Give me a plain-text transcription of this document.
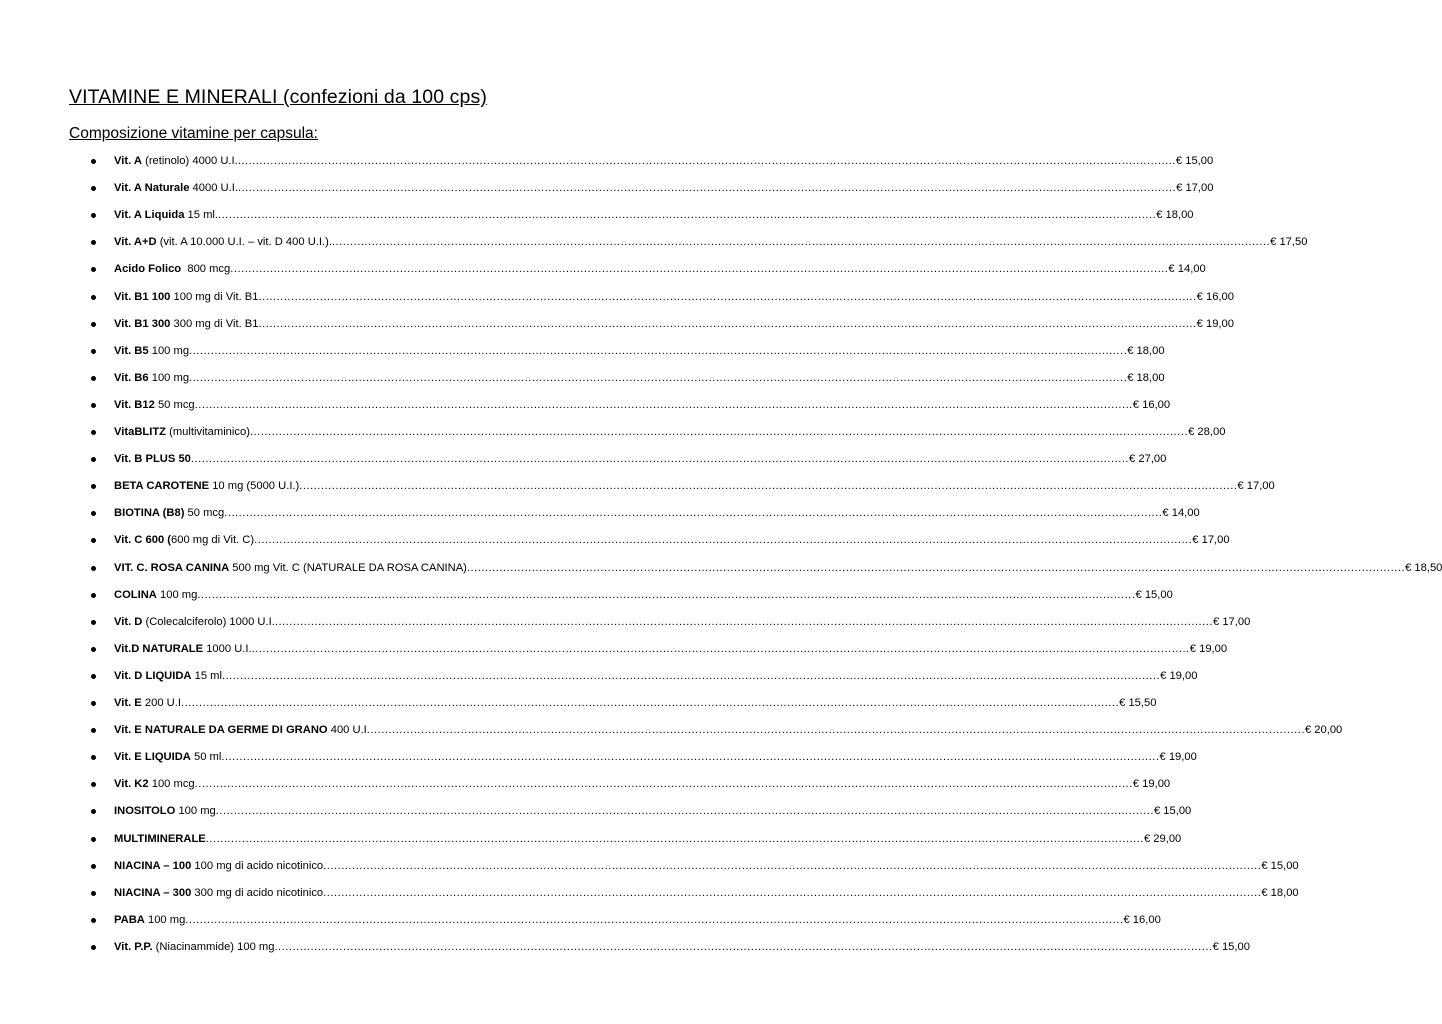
VITAMINE E MINERALI (confezioni da 100 cps)
Composizione vitamine per capsula:
Vit. A (retinolo) 4000 U.I. .................................................................................................................................................................................................................................................................... € 15,00
Vit. A Naturale 4000 U.I. .................................................................................................................................................................................................................................................................... € 17,00
Vit. A Liquida 15 ml. .................................................................................................................................................................................................................................................................... € 18,00
Vit. A+D (vit. A 10.000 U.I. – vit. D 400 U.I.). .................................................................................................................................................................................................................................................................... € 17,50
Acido Folico 800 mcg .................................................................................................................................................................................................................................................................... € 14,00
Vit. B1 100 100 mg di Vit. B1 .................................................................................................................................................................................................................................................................... € 16,00
Vit. B1 300 300 mg di Vit. B1 .................................................................................................................................................................................................................................................................... € 19,00
Vit. B5 100 mg .................................................................................................................................................................................................................................................................... € 18,00
Vit. B6 100 mg .................................................................................................................................................................................................................................................................... € 18,00
Vit. B12 50 mcg .................................................................................................................................................................................................................................................................... € 16,00
VitaBLITZ (multivitaminico) .................................................................................................................................................................................................................................................................... € 28,00
Vit. B PLUS 50 .................................................................................................................................................................................................................................................................... € 27,00
BETA CAROTENE 10 mg (5000 U.I.) .................................................................................................................................................................................................................................................................... € 17,00
BIOTINA (B8) 50 mcg .................................................................................................................................................................................................................................................................... € 14,00
Vit. C 600 ( 600 mg di Vit. C) .................................................................................................................................................................................................................................................................... € 17,00
VIT. C. ROSA CANINA 500 mg Vit. C (NATURALE DA ROSA CANINA) .................................................................................................................................................................................................................................................................... € 18,50
COLINA 100 mg .................................................................................................................................................................................................................................................................... € 15,00
Vit. D (Colecalciferolo) 1000 U.I. .................................................................................................................................................................................................................................................................... € 17,00
Vit.D NATURALE 1000 U.I. .................................................................................................................................................................................................................................................................... € 19,00
Vit. D LIQUIDA 15 ml .................................................................................................................................................................................................................................................................... € 19,00
Vit. E 200 U.I .................................................................................................................................................................................................................................................................... € 15,50
Vit. E NATURALE DA GERME DI GRANO 400 U.I .................................................................................................................................................................................................................................................................... € 20,00
Vit. E LIQUIDA 50 ml .................................................................................................................................................................................................................................................................... € 19,00
Vit. K2 100 mcg .................................................................................................................................................................................................................................................................... € 19,00
INOSITOLO 100 mg .................................................................................................................................................................................................................................................................... € 15,00
MULTIMINERALE .................................................................................................................................................................................................................................................................... € 29,00
NIACINA – 100 100 mg di acido nicotinico .................................................................................................................................................................................................................................................................... € 15,00
NIACINA – 300 300 mg di acido nicotinico .................................................................................................................................................................................................................................................................... € 18,00
PABA 100 mg .................................................................................................................................................................................................................................................................... € 16,00
Vit. P.P. (Niacinammide) 100 mg .................................................................................................................................................................................................................................................................... € 15,00
